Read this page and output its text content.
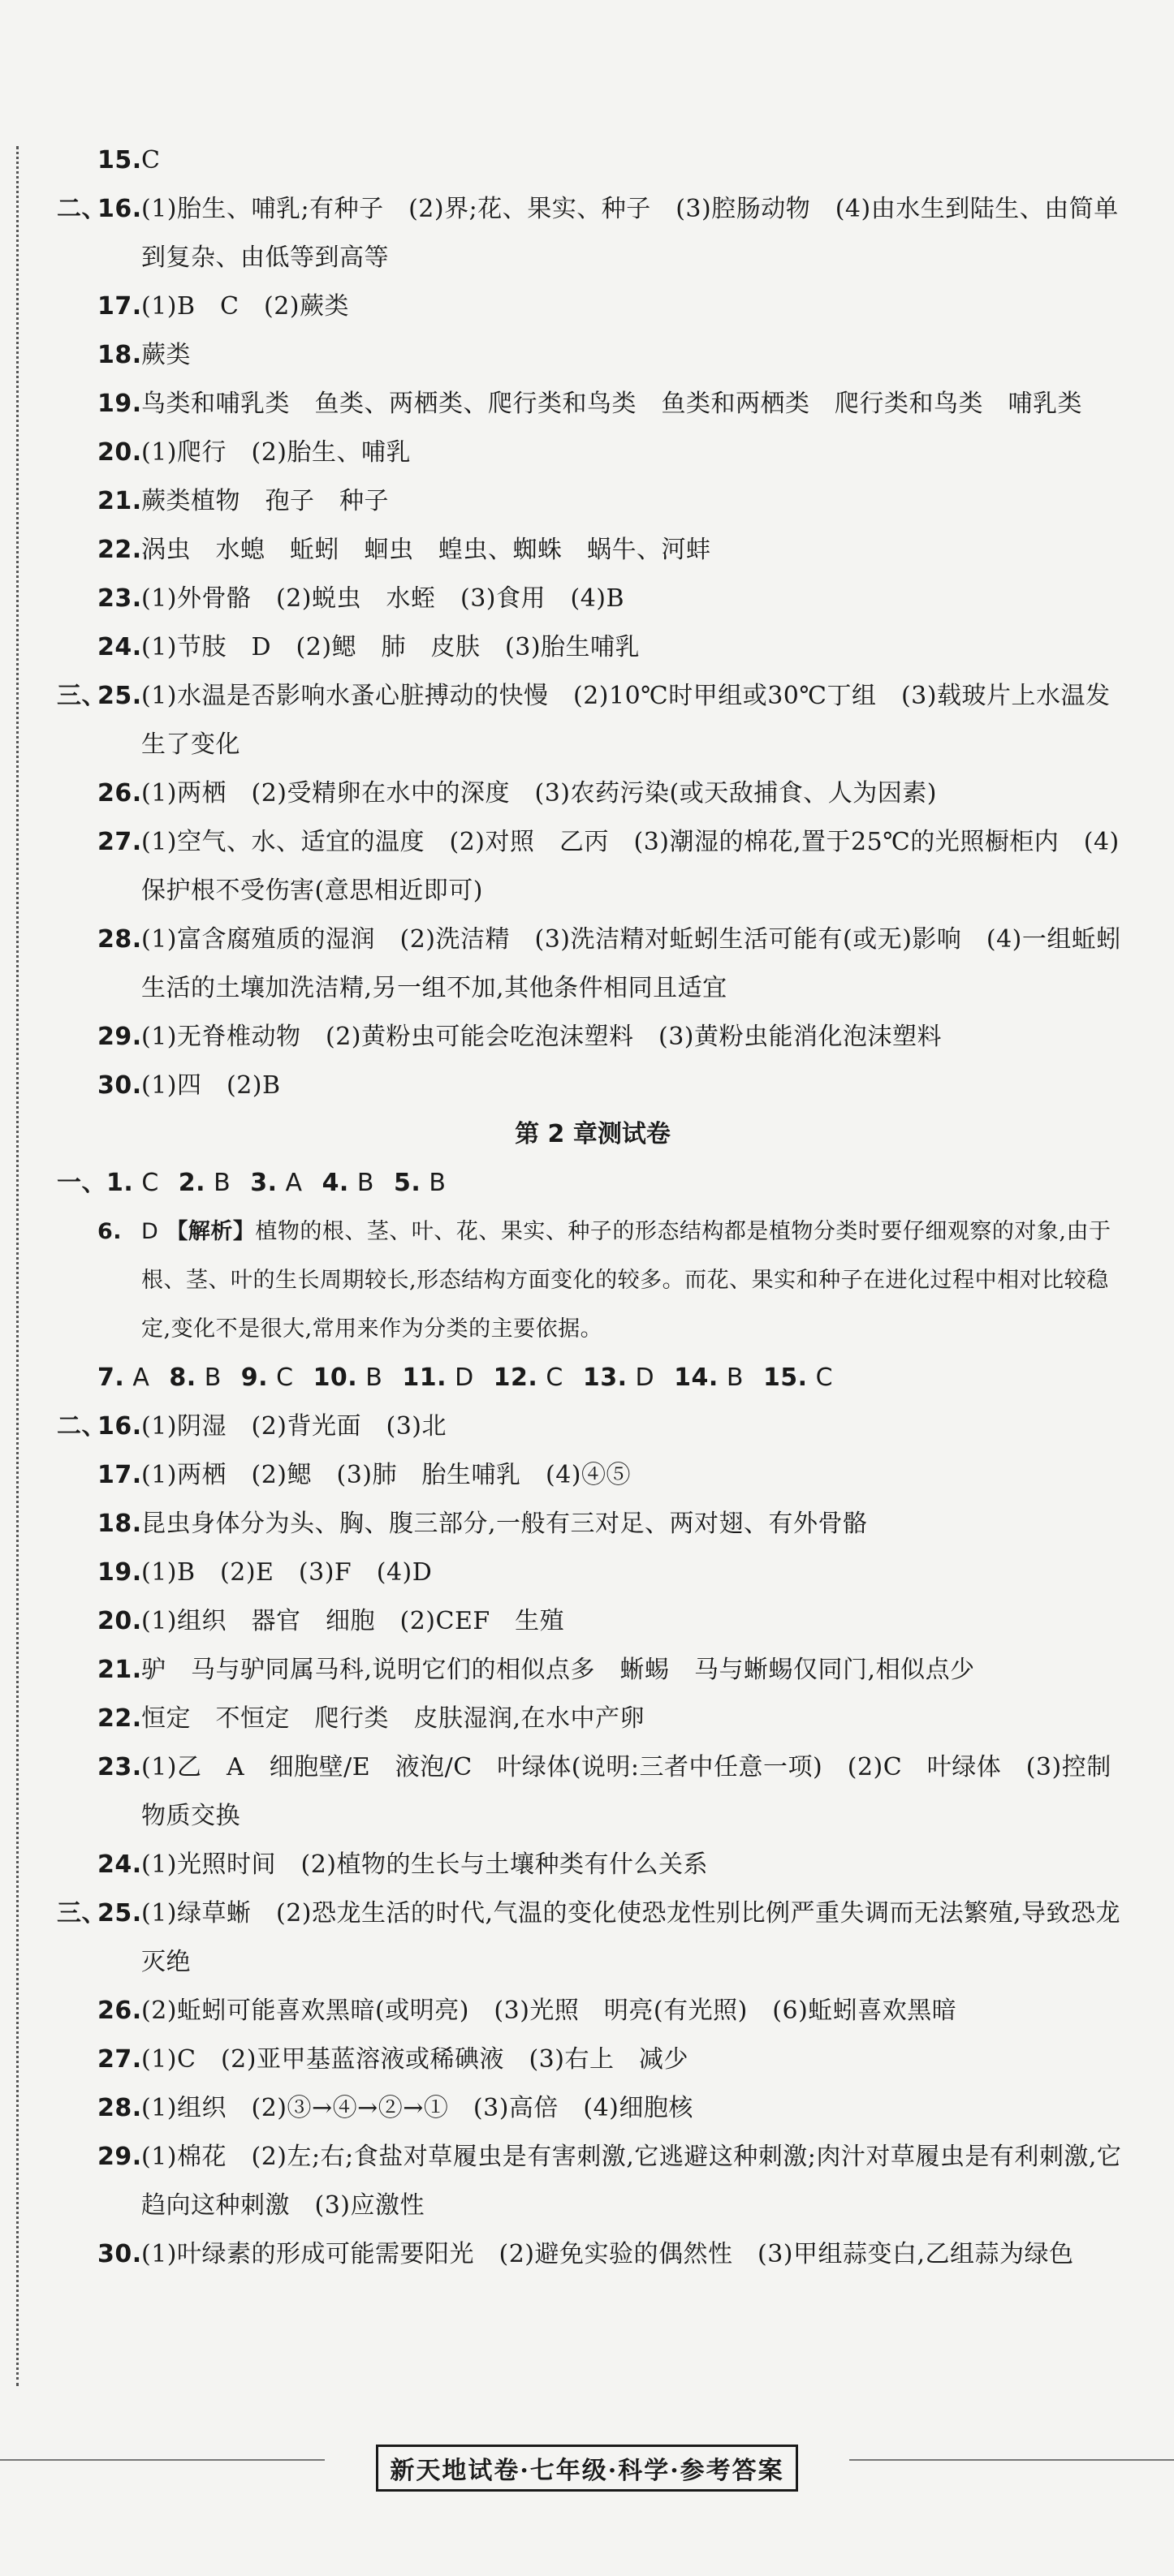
15. C
二、
16. (1)胎生、哺乳;有种子　(2)界;花、果实、种子　(3)腔肠动物　(4)由水生到陆生、由简单到复杂、由低等到高等
17. (1)B　C　(2)蕨类
18. 蕨类
19. 鸟类和哺乳类　鱼类、两栖类、爬行类和鸟类　鱼类和两栖类　爬行类和鸟类　哺乳类
20. (1)爬行　(2)胎生、哺乳
21. 蕨类植物　孢子　种子
22. 涡虫　水螅　蚯蚓　蛔虫　蝗虫、蜘蛛　蜗牛、河蚌
23. (1)外骨骼　(2)蜕虫　水蛭　(3)食用　(4)B
24. (1)节肢　D　(2)鳃　肺　皮肤　(3)胎生哺乳
三、
25. (1)水温是否影响水蚤心脏搏动的快慢　(2)10℃时甲组或30℃丁组　(3)载玻片上水温发生了变化
26. (1)两栖　(2)受精卵在水中的深度　(3)农药污染(或天敌捕食、人为因素)
27. (1)空气、水、适宜的温度　(2)对照　乙丙　(3)潮湿的棉花,置于25℃的光照橱柜内　(4)保护根不受伤害(意思相近即可)
28. (1)富含腐殖质的湿润　(2)洗洁精　(3)洗洁精对蚯蚓生活可能有(或无)影响　(4)一组蚯蚓生活的土壤加洗洁精,另一组不加,其他条件相同且适宜
29. (1)无脊椎动物　(2)黄粉虫可能会吃泡沫塑料　(3)黄粉虫能消化泡沫塑料
30. (1)四　(2)B
第 2 章测试卷
一、1. C 2. B 3. A 4. B 5. B
6. D 【解析】植物的根、茎、叶、花、果实、种子的形态结构都是植物分类时要仔细观察的对象,由于根、茎、叶的生长周期较长,形态结构方面变化的较多。而花、果实和种子在进化过程中相对比较稳定,变化不是很大,常用来作为分类的主要依据。
7. A 8. B 9. C 10. B 11. D 12. C 13. D 14. B 15. C
二、
16. (1)阴湿　(2)背光面　(3)北
17. (1)两栖　(2)鳃　(3)肺　胎生哺乳　(4)④⑤
18. 昆虫身体分为头、胸、腹三部分,一般有三对足、两对翅、有外骨骼
19. (1)B　(2)E　(3)F　(4)D
20. (1)组织　器官　细胞　(2)CEF　生殖
21. 驴　马与驴同属马科,说明它们的相似点多　蜥蜴　马与蜥蜴仅同门,相似点少
22. 恒定　不恒定　爬行类　皮肤湿润,在水中产卵
23. (1)乙　A　细胞壁/E　液泡/C　叶绿体(说明:三者中任意一项)　(2)C　叶绿体　(3)控制物质交换
24. (1)光照时间　(2)植物的生长与土壤种类有什么关系
三、
25. (1)绿草蜥　(2)恐龙生活的时代,气温的变化使恐龙性别比例严重失调而无法繁殖,导致恐龙灭绝
26. (2)蚯蚓可能喜欢黑暗(或明亮)　(3)光照　明亮(有光照)　(6)蚯蚓喜欢黑暗
27. (1)C　(2)亚甲基蓝溶液或稀碘液　(3)右上　减少
28. (1)组织　(2)③→④→②→①　(3)高倍　(4)细胞核
29. (1)棉花　(2)左;右;食盐对草履虫是有害刺激,它逃避这种刺激;肉汁对草履虫是有利刺激,它趋向这种刺激　(3)应激性
30. (1)叶绿素的形成可能需要阳光　(2)避免实验的偶然性　(3)甲组蒜变白,乙组蒜为绿色
新天地试卷·七年级·科学·参考答案
